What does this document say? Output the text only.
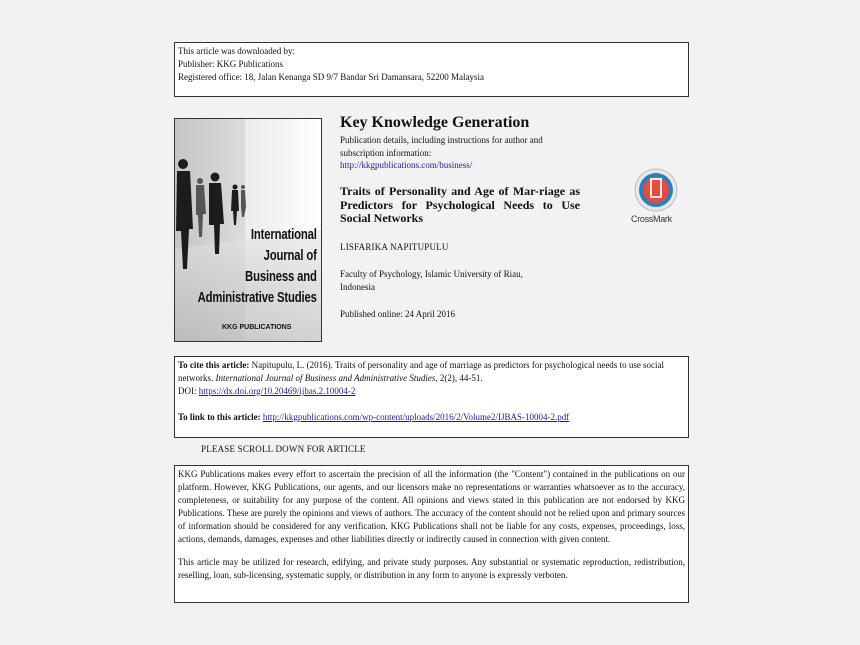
This article was downloaded by:
Publisher: KKG Publications
Registered office: 18, Jalan Kenanga SD 9/7 Bandar Sri Damansara, 52200 Malaysia
International
Journal of
Business and
Administrative Studies
KKG PUBLICATIONS
Key Knowledge Generation
Publication details, including instructions for author and subscription information:
http://kkgpublications.com/business/
Traits of Personality and Age of Mar-riage as Predictors for Psychological Needs to Use Social Networks
LISFARIKA NAPITUPULU
Faculty of Psychology, Islamic University of Riau, Indonesia
Published online: 24 April 2016
CrossMark
To cite this article: Napitupulu, L. (2016). Traits of personality and age of marriage as predictors for psychological needs to use social networks. International Journal of Business and Administrative Studies, 2(2), 44-51.
DOI: https://dx.doi.org/10.20469/ijbas.2.10004-2
To link to this article: http://kkgpublications.com/wp-content/uploads/2016/2/Volume2/IJBAS-10004-2.pdf
PLEASE SCROLL DOWN FOR ARTICLE

KKG Publications makes every effort to ascertain the precision of all the information (the "Content") contained in the publications on our platform. However, KKG Publications, our agents, and our licensors make no representations or warranties whatsoever as to the accuracy, completeness, or suitability for any purpose of the content. All opinions and views stated in this publication are not endorsed by KKG Publications. These are purely the opinions and views of authors. The accuracy of the content should not be relied upon and primary sources of information should be considered for any verification. KKG Publications shall not be liable for any costs, expenses, proceedings, loss, actions, demands, damages, expenses and other liabilities directly or indirectly caused in connection with given content.

This article may be utilized for research, edifying, and private study purposes. Any substantial or systematic reproduction, redistribution, reselling, loan, sub-licensing, systematic supply, or distribution in any form to anyone is expressly verboten.
